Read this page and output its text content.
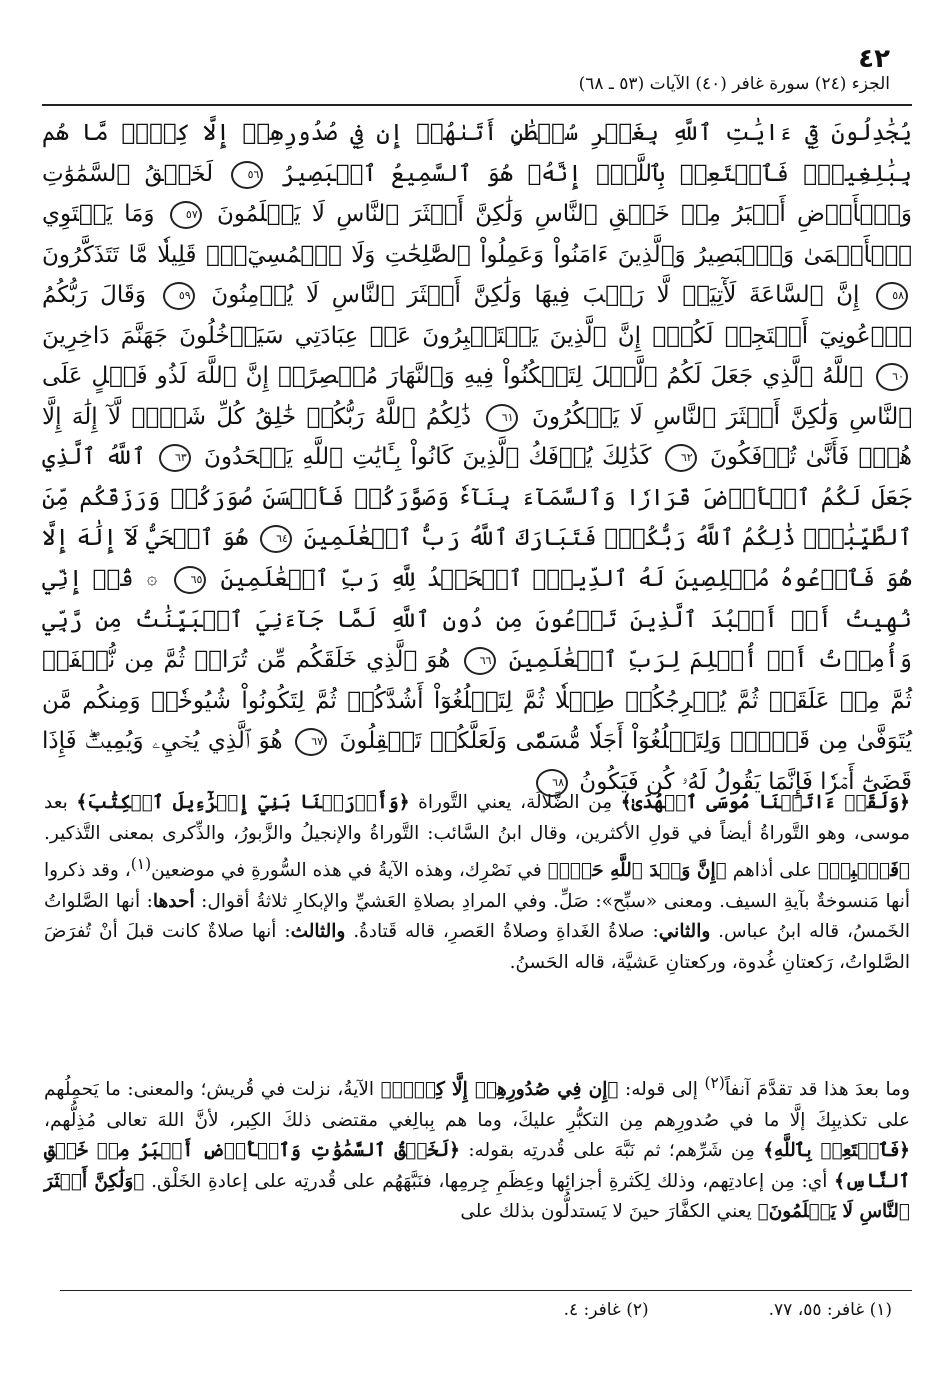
٤٢
الجزء (٢٤) سورة غافر (٤٠) الآيات (٥٣ ـ ٦٨)
يُجَٰدِلُونَ فِيٓ ءَايَٰتِ ٱللَّهِ بِغَيۡرِ سُلۡطَٰنٍ أَتَىٰهُمۡ إِن فِي صُدُورِهِمۡ إِلَّا كِبۡرٞ مَّا هُم بِبَٰلِغِيهِۚ فَٱسۡتَعِذۡ بِٱللَّهِۖ إِنَّهُۥ هُوَ ٱلسَّمِيعُ ٱلۡبَصِيرُ ٥٦ لَخَلۡقُ ٱلسَّمَٰوَٰتِ وَٱلۡأَرۡضِ أَكۡبَرُ مِنۡ خَلۡقِ ٱلنَّاسِ وَلَٰكِنَّ أَكۡثَرَ ٱلنَّاسِ لَا يَعۡلَمُونَ ٥٧ وَمَا يَسۡتَوِي ٱلۡأَعۡمَىٰ وَٱلۡبَصِيرُ وَٱلَّذِينَ ءَامَنُواْ وَعَمِلُواْ ٱلصَّٰلِحَٰتِ وَلَا ٱلۡمُسِيٓءُۚ قَلِيلٗا مَّا تَتَذَكَّرُونَ ٥٨ إِنَّ ٱلسَّاعَةَ لَأٓتِيَةٞ لَّا رَيۡبَ فِيهَا وَلَٰكِنَّ أَكۡثَرَ ٱلنَّاسِ لَا يُؤۡمِنُونَ ٥٩ وَقَالَ رَبُّكُمُ ٱدۡعُونِيٓ أَسۡتَجِبۡ لَكُمۡۚ إِنَّ ٱلَّذِينَ يَسۡتَكۡبِرُونَ عَنۡ عِبَادَتِي سَيَدۡخُلُونَ جَهَنَّمَ دَاخِرِينَ ٦٠ ٱللَّهُ ٱلَّذِي جَعَلَ لَكُمُ ٱلَّيۡلَ لِتَسۡكُنُواْ فِيهِ وَٱلنَّهَارَ مُبۡصِرًاۚ إِنَّ ٱللَّهَ لَذُو فَضۡلٍ عَلَى ٱلنَّاسِ وَلَٰكِنَّ أَكۡثَرَ ٱلنَّاسِ لَا يَشۡكُرُونَ ٦١ ذَٰلِكُمُ ٱللَّهُ رَبُّكُمۡ خَٰلِقُ كُلِّ شَيۡءٖ لَّآ إِلَٰهَ إِلَّا هُوَۖ فَأَنَّىٰ تُؤۡفَكُونَ ٦٢ كَذَٰلِكَ يُؤۡفَكُ ٱلَّذِينَ كَانُواْ بِـَٔايَٰتِ ٱللَّهِ يَجۡحَدُونَ ٦٣ ٱللَّهُ ٱلَّذِي جَعَلَ لَكُمُ ٱلۡأَرۡضَ قَرَارٗا وَٱلسَّمَآءَ بِنَآءٗ وَصَوَّرَكُمۡ فَأَحۡسَنَ صُوَرَكُمۡ وَرَزَقَكُم مِّنَ ٱلطَّيِّبَٰتِۚ ذَٰلِكُمُ ٱللَّهُ رَبُّكُمۡۖ فَتَبَارَكَ ٱللَّهُ رَبُّ ٱلۡعَٰلَمِينَ ٦٤ هُوَ ٱلۡحَيُّ لَآ إِلَٰهَ إِلَّا هُوَ فَٱدۡعُوهُ مُخۡلِصِينَ لَهُ ٱلدِّينَۗ ٱلۡحَمۡدُ لِلَّهِ رَبِّ ٱلۡعَٰلَمِينَ ٦٥ ۞ قُلۡ إِنِّي نُهِيتُ أَنۡ أَعۡبُدَ ٱلَّذِينَ تَدۡعُونَ مِن دُونِ ٱللَّهِ لَمَّا جَآءَنِيَ ٱلۡبَيِّنَٰتُ مِن رَّبِّي وَأُمِرۡتُ أَنۡ أُسۡلِمَ لِرَبِّ ٱلۡعَٰلَمِينَ ٦٦ هُوَ ٱلَّذِي خَلَقَكُم مِّن تُرَابٖ ثُمَّ مِن نُّطۡفَةٖ ثُمَّ مِنۡ عَلَقَةٖ ثُمَّ يُخۡرِجُكُمۡ طِفۡلٗا ثُمَّ لِتَبۡلُغُوٓاْ أَشُدَّكُمۡ ثُمَّ لِتَكُونُواْ شُيُوخٗاۚ وَمِنكُم مَّن يُتَوَفَّىٰ مِن قَبۡلُۖ وَلِتَبۡلُغُوٓاْ أَجَلٗا مُّسَمّٗى وَلَعَلَّكُمۡ تَعۡقِلُونَ ٦٧ هُوَ ٱلَّذِي يُحۡيِۦ وَيُمِيتُۖ فَإِذَا قَضَىٰٓ أَمۡرٗا فَإِنَّمَا يَقُولُ لَهُۥ كُن فَيَكُونُ ٦٨

﴿وَلَقَدۡ ءَاتَيۡنَا مُوسَى ٱلۡهُدَىٰ﴾ مِن الضَّلالَة، يعني التَّوراة ﴿وَأَوۡرَثۡنَا بَنِيٓ إِسۡرَٰٓءِيلَ ٱلۡكِتَٰبَ﴾ بعد موسى، وهو التَّوراةُ أيضاً في قولِ الأكثرين، وقال ابنُ السَّائب: التَّوراةُ والإنجيلُ والزَّبورُ، والذِّكرى بمعنى التَّذكير. ﴿فَٱصۡبِرۡ﴾ على أذاهم ﴿إِنَّ وَعۡدَ ٱللَّهِ حَقّٞ﴾ في نَصْرِك، وهذه الآيةُ في هذه السُّورةِ في موضعين$^{(١)}$، وقد ذكروا أنها مَنسوخةٌ بآيةِ السيف. ومعنى «سبِّح»: صَلِّ. وفي المرادِ بصلاةِ العَشيِّ والإبكارِ ثلاثةُ أقوال: أحدها: أنها الصَّلواتُ الخَمسُ، قاله ابنُ عباس. والثاني: صلاةُ الغَداةِ وصلاةُ العَصرِ، قاله قَتادةُ. والثالث: أنها صلاةٌ كانت قبلَ أنْ تُفرَضَ الصَّلواتُ، رَكعتانِ غُدوة، وركعتانِ عَشيَّة، قاله الحَسنُ.

وما بعدَ هذا قد تقدَّمَ آنفاً$^{(٢)}$ إلى قوله: ﴿إِن فِي صُدُورِهِمۡ إِلَّا كِبۡرٞ﴾ الآيةُ، نزلت في قُريش؛ والمعنى: ما يَحمِلُهم على تكذيبِكَ إلَّا ما في صُدورِهم مِن التكبُّرِ عليكَ، وما هم بِبالِغي مقتضى ذلكَ الكِبر، لأنَّ اللهَ تعالى مُذِلُّهم، ﴿فَٱسۡتَعِذۡ بِٱللَّهِ﴾ مِن شَرِّهم؛ ثم نَبَّهَ على قُدرتِه بقوله: ﴿لَخَلۡقُ ٱلسَّمَٰوَٰتِ وَٱلۡأَرۡضِ أَكۡبَرُ مِنۡ خَلۡقِ ٱلنَّاسِ﴾ أي: مِن إعادتِهم، وذلك لِكَثرةِ أجزائِها وعِظَمِ جِرمِها، فنَبَّهَهُم على قُدرتِه على إعادةِ الخَلْق. ﴿وَلَٰكِنَّ أَكۡثَرَ ٱلنَّاسِ لَا يَعۡلَمُونَ﴾ يعني الكفَّارَ حينَ لا يَستدلُّون بذلك على

(١) غافر: ٥٥، ٧٧.
(٢) غافر: ٤.
